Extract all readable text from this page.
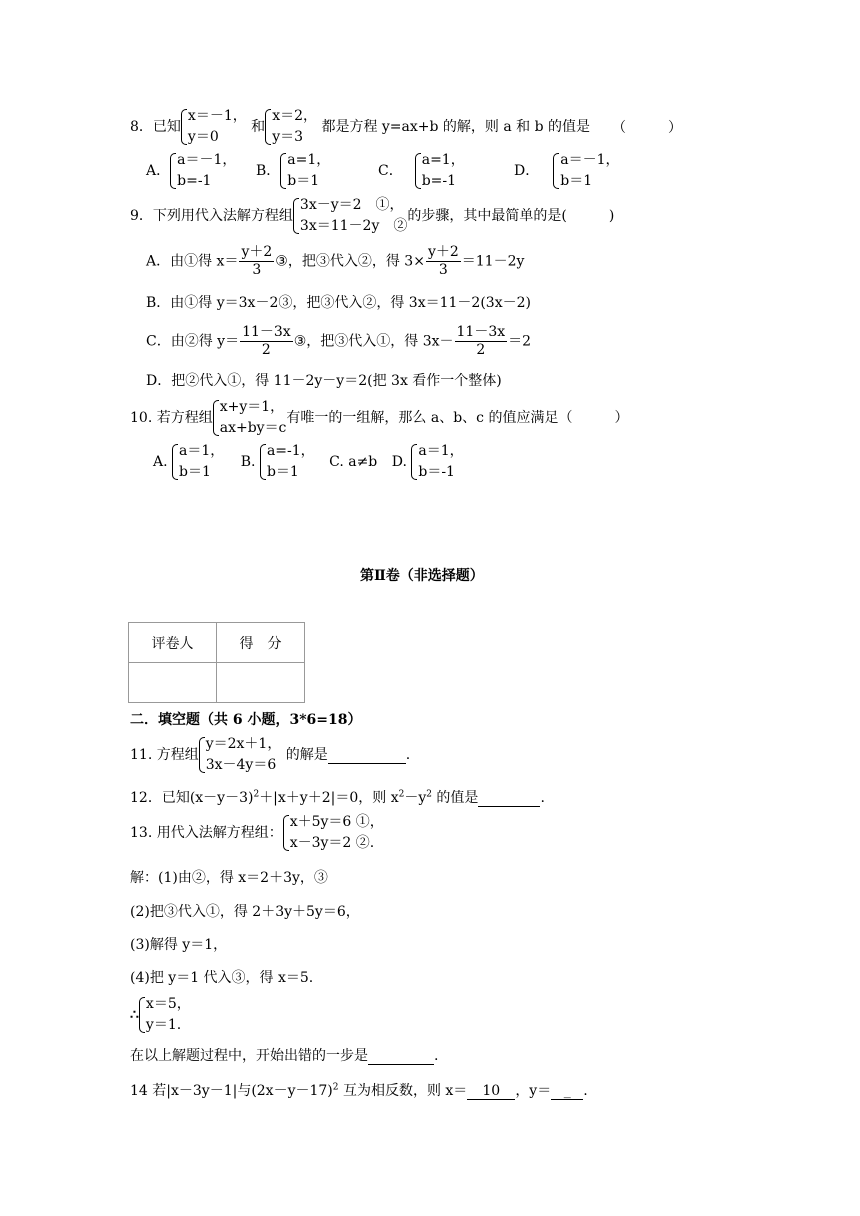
8．已知
x＝－1，
y＝0
和
x＝2，
y＝3
都是方程 y=ax+b 的解，则 a 和 b 的值是 （　　　）
A．
a＝－1，
b=-1
B．
a=1，
b＝1
C．
a=1，
b=-1
D．
a＝－1，
b＝1
9．下列用代入法解方程组
3x－y＝2　①，
3x＝11－2y　②
的步骤，其中最简单的是(　　　)
A．由①得 $x= \frac{y+2}{3}$ ③，把③代入②，得 $3\times \frac{y+2}{3} =11-2y$
B．由①得 y＝3x－2③，把③代入②，得 3x＝11－2(3x－2)
C．由②得 $y= \frac{11-3x}{2}$ ③，把③代入①，得 $3x- \frac{11-3x}{2} =2$
D．把②代入①，得 11－2y－y＝2(把 3x 看作一个整体)
10. 若方程组
x+y＝1，
ax+by＝c
有唯一的一组解，那么 a、b、c 的值应满足（　　　）
A.
a＝1，
b＝1
B.
a=-1，
b＝1
C. a≠b D.
a＝1，
b＝-1
第Ⅱ卷（非选择题）
评卷人	得　分

二．填空题（共 6 小题，3*6=18）
11. 方程组
y＝2x＋1，
3x－4y＝6
的解是	.
12．已知$(x-y-3)^2+|x+y+2|=0$，则 $x^2-y^2$ 的值是	.
13. 用代入法解方程组：
x＋5y＝6 ①，
x－3y＝2 ②.
解：(1)由②，得 x＝2＋3y，③
(2)把③代入①，得 2＋3y＋5y＝6，
(3)解得 y＝1，
(4)把 y＝1 代入③，得 x＝5.
∴
x＝5，
y＝1.
在以上解题过程中，开始出错的一步是	.
14 若|x－3y－1|与$(2x-y-17)^2$ 互为相反数，则 x＝ 10 ，y＝ _ .
